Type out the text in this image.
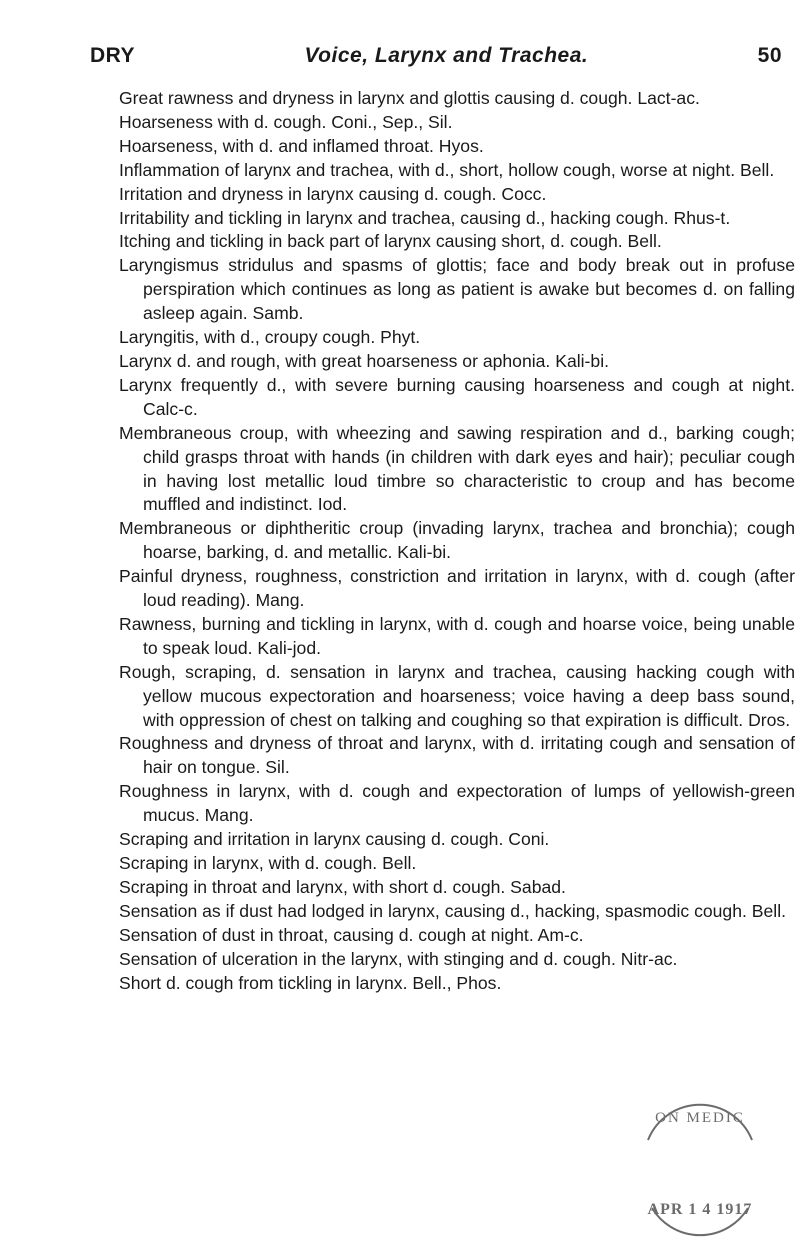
DRY	Voice, Larynx and Trachea.	50

Great rawness and dryness in larynx and glottis causing d. cough. Lact-ac.

Hoarseness with d. cough. Coni., Sep., Sil.

Hoarseness, with d. and inflamed throat. Hyos.

Inflammation of larynx and trachea, with d., short, hollow cough, worse at night. Bell.

Irritation and dryness in larynx causing d. cough. Cocc.

Irritability and tickling in larynx and trachea, causing d., hacking cough. Rhus-t.

Itching and tickling in back part of larynx causing short, d. cough. Bell.

Laryngismus stridulus and spasms of glottis; face and body break out in profuse perspiration which continues as long as patient is awake but becomes d. on falling asleep again. Samb.

Laryngitis, with d., croupy cough. Phyt.

Larynx d. and rough, with great hoarseness or aphonia. Kali-bi.

Larynx frequently d., with severe burning causing hoarseness and cough at night. Calc-c.

Membraneous croup, with wheezing and sawing respiration and d., barking cough; child grasps throat with hands (in children with dark eyes and hair); peculiar cough in having lost metallic loud timbre so characteristic to croup and has become muffled and indistinct. Iod.

Membraneous or diphtheritic croup (invading larynx, trachea and bronchia); cough hoarse, barking, d. and metallic. Kali-bi.

Painful dryness, roughness, constriction and irritation in larynx, with d. cough (after loud reading). Mang.

Rawness, burning and tickling in larynx, with d. cough and hoarse voice, being unable to speak loud. Kali-jod.

Rough, scraping, d. sensation in larynx and trachea, causing hacking cough with yellow mucous expectoration and hoarseness; voice having a deep bass sound, with oppression of chest on talking and coughing so that expiration is difficult. Dros.

Roughness and dryness of throat and larynx, with d. irritating cough and sensation of hair on tongue. Sil.

Roughness in larynx, with d. cough and expectoration of lumps of yellowish-green mucus. Mang.

Scraping and irritation in larynx causing d. cough. Coni.

Scraping in larynx, with d. cough. Bell.

Scraping in throat and larynx, with short d. cough. Sabad.

Sensation as if dust had lodged in larynx, causing d., hacking, spasmodic cough. Bell.

Sensation of dust in throat, causing d. cough at night. Am-c.

Sensation of ulceration in the larynx, with stinging and d. cough. Nitr-ac.

Short d. cough from tickling in larynx. Bell., Phos.

ON MEDIC
APR 1 4 1917
